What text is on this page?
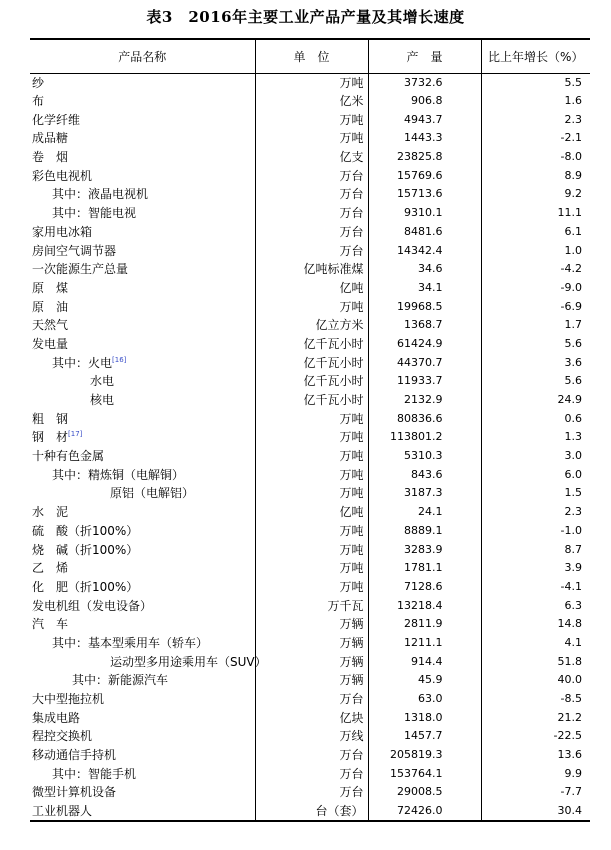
表3　2016年主要工业产品产量及其增长速度
产品名称	单　位	产　量	比上年增长（%）
纱	万吨	3732.6	5.5
布	亿米	906.8	1.6
化学纤维	万吨	4943.7	2.3
成品糖	万吨	1443.3	-2.1
卷　烟	亿支	23825.8	-8.0
彩色电视机	万台	15769.6	8.9
其中：液晶电视机	万台	15713.6	9.2
其中：智能电视	万台	9310.1	11.1
家用电冰箱	万台	8481.6	6.1
房间空气调节器	万台	14342.4	1.0
一次能源生产总量	亿吨标准煤	34.6	-4.2
原　煤	亿吨	34.1	-9.0
原　油	万吨	19968.5	-6.9
天然气	亿立方米	1368.7	1.7
发电量	亿千瓦小时	61424.9	5.6
其中：火电[16]	亿千瓦小时	44370.7	3.6
水电	亿千瓦小时	11933.7	5.6
核电	亿千瓦小时	2132.9	24.9
粗　钢	万吨	80836.6	0.6
钢　材[17]	万吨	113801.2	1.3
十种有色金属	万吨	5310.3	3.0
其中：精炼铜（电解铜）	万吨	843.6	6.0
原铝（电解铝）	万吨	3187.3	1.5
水　泥	亿吨	24.1	2.3
硫　酸（折100%）	万吨	8889.1	-1.0
烧　碱（折100%）	万吨	3283.9	8.7
乙　烯	万吨	1781.1	3.9
化　肥（折100%）	万吨	7128.6	-4.1
发电机组（发电设备）	万千瓦	13218.4	6.3
汽　车	万辆	2811.9	14.8
其中：基本型乘用车（轿车）	万辆	1211.1	4.1
运动型多用途乘用车（SUV）	万辆	914.4	51.8
其中：新能源汽车	万辆	45.9	40.0
大中型拖拉机	万台	63.0	-8.5
集成电路	亿块	1318.0	21.2
程控交换机	万线	1457.7	-22.5
移动通信手持机	万台	205819.3	13.6
其中：智能手机	万台	153764.1	9.9
微型计算机设备	万台	29008.5	-7.7
工业机器人	台（套）	72426.0	30.4
